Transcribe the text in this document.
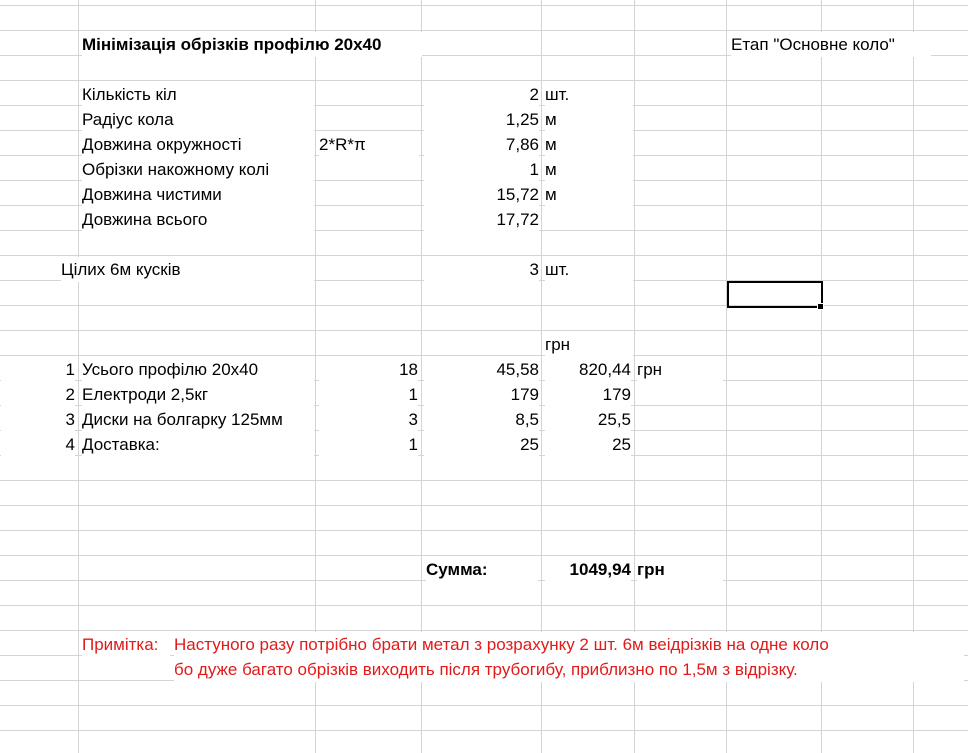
Мінімізація обрізків профілю 20х40	Етап "Основне коло"
Кількість кіл	2 шт.
Радіус кола	1,25 м
Довжина окружності	2*R*π	7,86 м
Обрізки накожному колі	1 м
Довжина чистими	15,72 м
Довжина всього	17,72
Цілих 6м кусків	3 шт.
грн
1 Усього профілю 20х40	18	45,58	820,44 грн
2 Електроди 2,5кг	1	179	179
3 Диски на болгарку 125мм	3	8,5	25,5
4 Доставка:	1	25	25
Сумма:	1049,94 грн
Примітка: Настуного разу потрібно брати метал з розрахунку 2 шт. 6м веідрізків на одне коло
бо дуже багато обрізків виходить після трубогибу, приблизно по 1,5м з відрізку.
